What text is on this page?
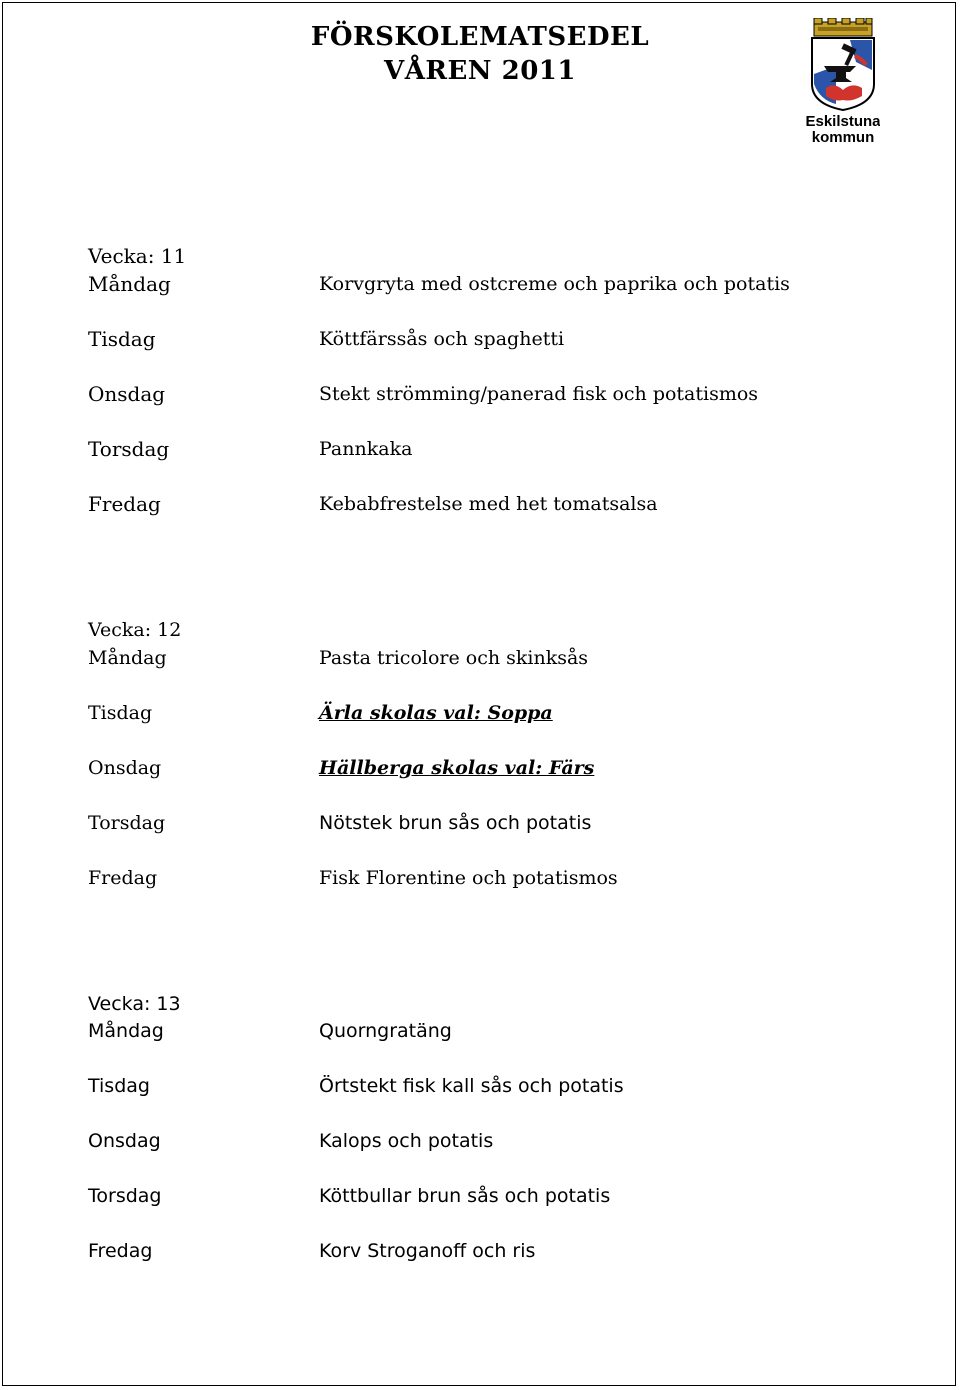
FÖRSKOLEMATSEDEL
VÅREN 2011
Eskilstuna
kommun
Vecka: 11
Måndag	Korvgryta med ostcreme och paprika och potatis
Tisdag	Köttfärssås och spaghetti
Onsdag	Stekt strömming/panerad fisk och potatismos
Torsdag	Pannkaka
Fredag	Kebabfrestelse med het tomatsalsa
Vecka: 12
Måndag	Pasta tricolore och skinksås
Tisdag	Ärla skolas val: Soppa
Onsdag	Hällberga skolas val: Färs
Torsdag	Nötstek brun sås och potatis
Fredag	Fisk Florentine och potatismos
Vecka: 13
Måndag	Quorngratäng
Tisdag	Örtstekt fisk kall sås och potatis
Onsdag	Kalops och potatis
Torsdag	Köttbullar brun sås och potatis
Fredag	Korv Stroganoff och ris
